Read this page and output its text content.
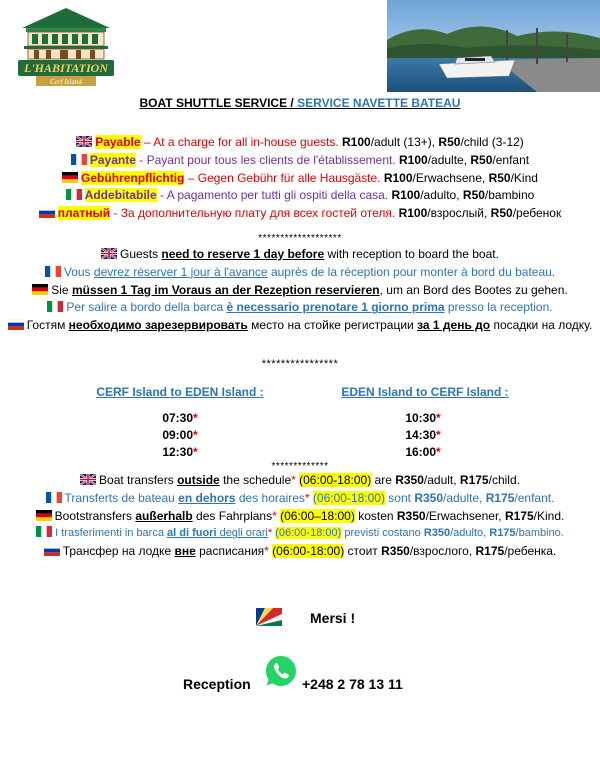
L'HABITATION
Cerf Island
BOAT SHUTTLE SERVICE / SERVICE NAVETTE BATEAU
Payable – At a charge for all in-house guests. R100/adult (13+), R50/child (3-12)
Payante - Payant pour tous les clients de l'établissement. R100/adulte, R50/enfant
Gebührenpflichtig – Gegen Gebühr für alle Hausgäste. R100/Erwachsene, R50/Kind
Addebitabile - A pagamento per tutti gli ospiti della casa. R100/adulto, R50/bambino
платный - За дополнительную плату для всех гостей отеля. R100/взрослый, R50/ребенок
*******************
Guests need to reserve 1 day before with reception to board the boat.
Vous devrez réserver 1 jour à l'avance auprès de la réception pour monter à bord du bateau.
Sie müssen 1 Tag im Voraus an der Rezeption reservieren, um an Bord des Bootes zu gehen.
Per salire a bordo della barca è necessario prenotare 1 giorno prima presso la reception.
Гостям необходимо зарезервировать место на стойке регистрации за 1 день до посадки на лодку.
****************
CERF Island to EDEN Island :	EDEN Island to CERF Island :
07:30*
09:00*
12:30*
10:30*
14:30*
16:00*
*************
Boat transfers outside the schedule* (06:00-18:00) are R350/adult, R175/child.
Transferts de bateau en dehors des horaires* (06:00-18:00) sont R350/adulte, R175/enfant.
Bootstransfers außerhalb des Fahrplans* (06:00–18:00) kosten R350/Erwachsener, R175/Kind.
I trasferimenti in barca al di fuori degli orari* (06:00-18:00) previsti costano R350/adulto, R175/bambino.
Трансфер на лодке вне расписания* (06:00-18:00) стоит R350/взрослого, R175/ребенка.
Mersi !
Reception	+248 2 78 13 11
